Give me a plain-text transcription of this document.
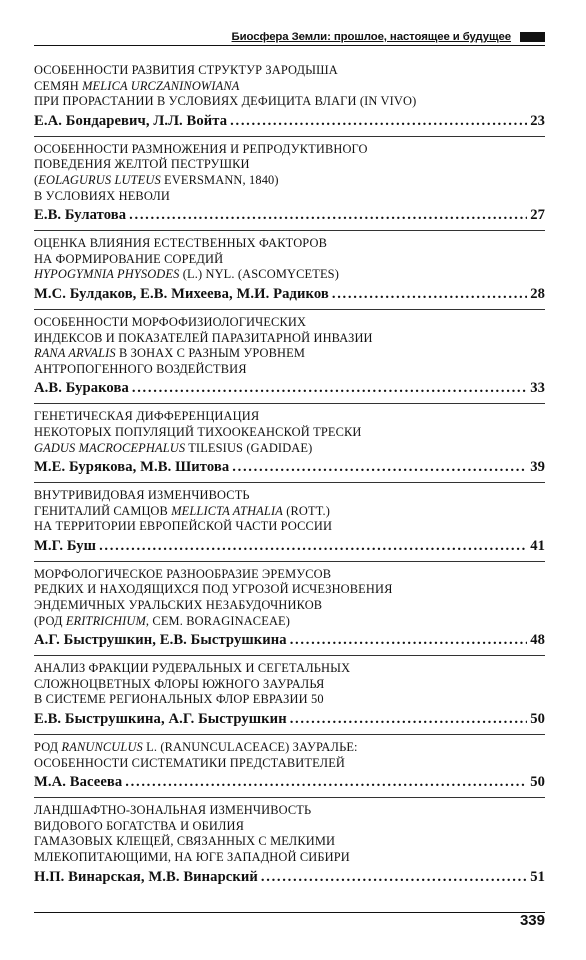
Биосфера Земли: прошлое, настоящее и будущее
ОСОБЕННОСТИ РАЗВИТИЯ СТРУКТУР ЗАРОДЫША
СЕМЯН MELICA URCZANINOWIANA
ПРИ ПРОРАСТАНИИ В УСЛОВИЯХ ДЕФИЦИТА ВЛАГИ (IN VIVO)
Е.А. Бондаревич, Л.Л. Войта .....	23
ОСОБЕННОСТИ РАЗМНОЖЕНИЯ И РЕПРОДУКТИВНОГО
ПОВЕДЕНИЯ ЖЕЛТОЙ ПЕСТРУШКИ
(EOLAGURUS LUTEUS EVERSMANN, 1840)
В УСЛОВИЯХ НЕВОЛИ
Е.В. Булатова .....	27
ОЦЕНКА ВЛИЯНИЯ ЕСТЕСТВЕННЫХ ФАКТОРОВ
НА ФОРМИРОВАНИЕ СОРЕДИЙ
HYPOGYMNIA PHYSODES (L.) NYL. (ASCOMYCETES)
М.С. Булдаков, Е.В. Михеева, М.И. Радиков .....	28
ОСОБЕННОСТИ МОРФОФИЗИОЛОГИЧЕСКИХ
ИНДЕКСОВ И ПОКАЗАТЕЛЕЙ ПАРАЗИТАРНОЙ ИНВАЗИИ
RANA ARVALIS В ЗОНАХ С РАЗНЫМ УРОВНЕМ
АНТРОПОГЕННОГО ВОЗДЕЙСТВИЯ
А.В. Буракова .....	33
ГЕНЕТИЧЕСКАЯ ДИФФЕРЕНЦИАЦИЯ
НЕКОТОРЫХ ПОПУЛЯЦИЙ ТИХООКЕАНСКОЙ ТРЕСКИ
GADUS MACROCEPHALUS TILESIUS (GADIDAE)
М.Е. Бурякова, М.В. Шитова .....	39
ВНУТРИВИДОВАЯ ИЗМЕНЧИВОСТЬ
ГЕНИТАЛИЙ САМЦОВ MELLICTA ATHALIA (ROTT.)
НА ТЕРРИТОРИИ ЕВРОПЕЙСКОЙ ЧАСТИ РОССИИ
М.Г. Буш .....	41
МОРФОЛОГИЧЕСКОЕ РАЗНООБРАЗИЕ ЭРЕМУСОВ
РЕДКИХ И НАХОДЯЩИХСЯ ПОД УГРОЗОЙ ИСЧЕЗНОВЕНИЯ
ЭНДЕМИЧНЫХ УРАЛЬСКИХ НЕЗАБУДОЧНИКОВ
(РОД ERITRICHIUM, СЕМ. BORAGINACEAE)
А.Г. Быструшкин, Е.В. Быструшкина .....	48
АНАЛИЗ ФРАКЦИИ РУДЕРАЛЬНЫХ И СЕГЕТАЛЬНЫХ
СЛОЖНОЦВЕТНЫХ ФЛОРЫ ЮЖНОГО ЗАУРАЛЬЯ
В СИСТЕМЕ РЕГИОНАЛЬНЫХ ФЛОР ЕВРАЗИИ 50
Е.В. Быструшкина, А.Г. Быструшкин .....	50
РОД RANUNCULUS L. (RANUNCULACEACE) ЗАУРАЛЬЕ:
ОСОБЕННОСТИ СИСТЕМАТИКИ ПРЕДСТАВИТЕЛЕЙ
М.А. Васеева .....	50
ЛАНДШАФТНО-ЗОНАЛЬНАЯ ИЗМЕНЧИВОСТЬ
ВИДОВОГО БОГАТСТВА И ОБИЛИЯ
ГАМАЗОВЫХ КЛЕЩЕЙ, СВЯЗАННЫХ С МЕЛКИМИ
МЛЕКОПИТАЮЩИМИ, НА ЮГЕ ЗАПАДНОЙ СИБИРИ
Н.П. Винарская, М.В. Винарский .....	51
339
